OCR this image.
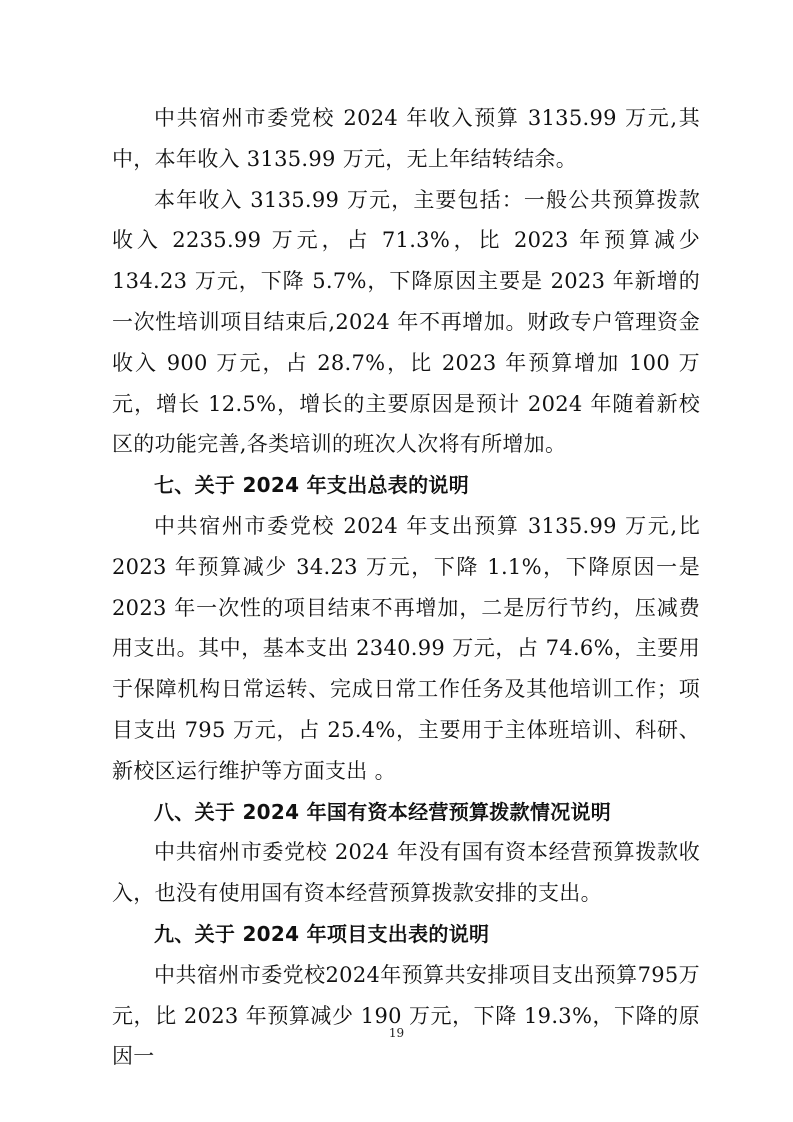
中共宿州市委党校 2024 年收入预算 3135.99 万元,其中，本年收入 3135.99 万元，无上年结转结余。

本年收入 3135.99 万元，主要包括：一般公共预算拨款收入 2235.99 万元，占 71.3%，比 2023 年预算减少 134.23 万元，下降 5.7%，下降原因主要是 2023 年新增的一次性培训项目结束后,2024 年不再增加。财政专户管理资金收入 900 万元，占 28.7%，比 2023 年预算增加 100 万元，增长 12.5%，增长的主要原因是预计 2024 年随着新校区的功能完善,各类培训的班次人次将有所增加。

七、关于 2024 年支出总表的说明

中共宿州市委党校 2024 年支出预算 3135.99 万元,比 2023 年预算减少 34.23 万元，下降 1.1%，下降原因一是 2023 年一次性的项目结束不再增加，二是厉行节约，压减费用支出。其中，基本支出 2340.99 万元，占 74.6%，主要用于保障机构日常运转、完成日常工作任务及其他培训工作；项目支出 795 万元，占 25.4%，主要用于主体班培训、科研、新校区运行维护等方面支出 。

八、关于 2024 年国有资本经营预算拨款情况说明

中共宿州市委党校 2024 年没有国有资本经营预算拨款收入，也没有使用国有资本经营预算拨款安排的支出。

九、关于 2024 年项目支出表的说明

中共宿州市委党校2024年预算共安排项目支出预算795万元，比 2023 年预算减少 190 万元，下降 19.3%，下降的原因一

19
